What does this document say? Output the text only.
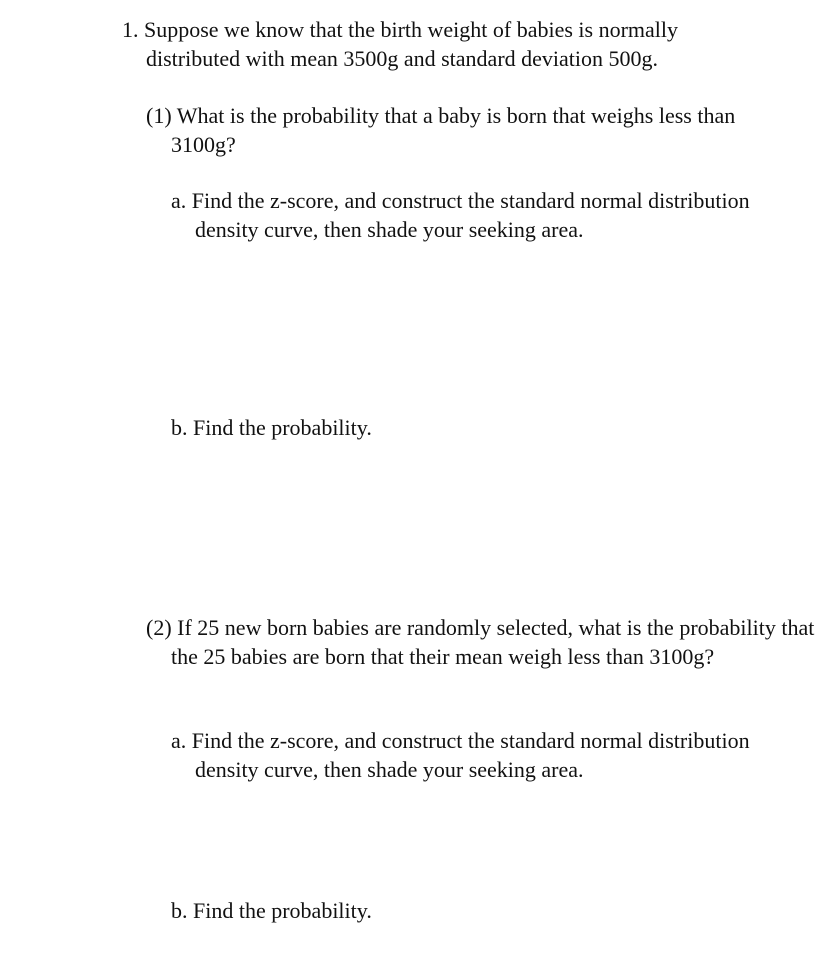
1. Suppose we know that the birth weight of babies is normally distributed with mean 3500g and standard deviation 500g.

(1) What is the probability that a baby is born that weighs less than 3100g?

a. Find the z-score, and construct the standard normal distribution density curve, then shade your seeking area.

b. Find the probability.

(2) If 25 new born babies are randomly selected, what is the probability that the 25 babies are born that their mean weigh less than 3100g?

a. Find the z-score, and construct the standard normal distribution density curve, then shade your seeking area.

b. Find the probability.
